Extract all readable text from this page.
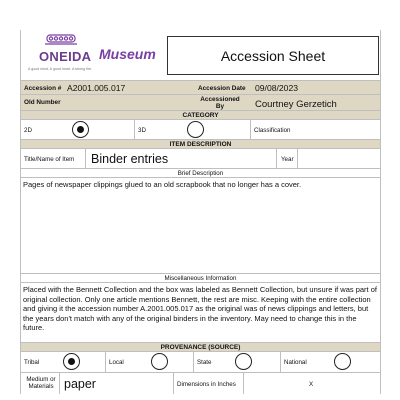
ONEIDA
A good mind. A good heart. A strong fire.
Museum	Accession Sheet
Accession # A2001.005.017	Accession Date 09/08/2023
Old Number	Accessioned By	Courtney Gerzetich
CATEGORY
2D	3D	Classification
ITEM DESCRIPTION
Title/Name of Item Binder entries	Year
Brief Description
Pages of newspaper clippings glued to an old scrapbook that no longer has a cover.
Miscellaneous Information
Placed with the Bennett Collection and the box was labeled as Bennett Collection, but unsure if was part of original collection. Only one article mentions Bennett, the rest are misc. Keeping with the entire collection and giving it the accession number A.2001.005.017 as the original was of news clippings and letters, but the years don't match with any of the original binders in the inventory. May need to change this in the future.
PROVENANCE (SOURCE)
Tribal	Local	State	National
Medium or Materials paper	Dimensions in Inches	X
